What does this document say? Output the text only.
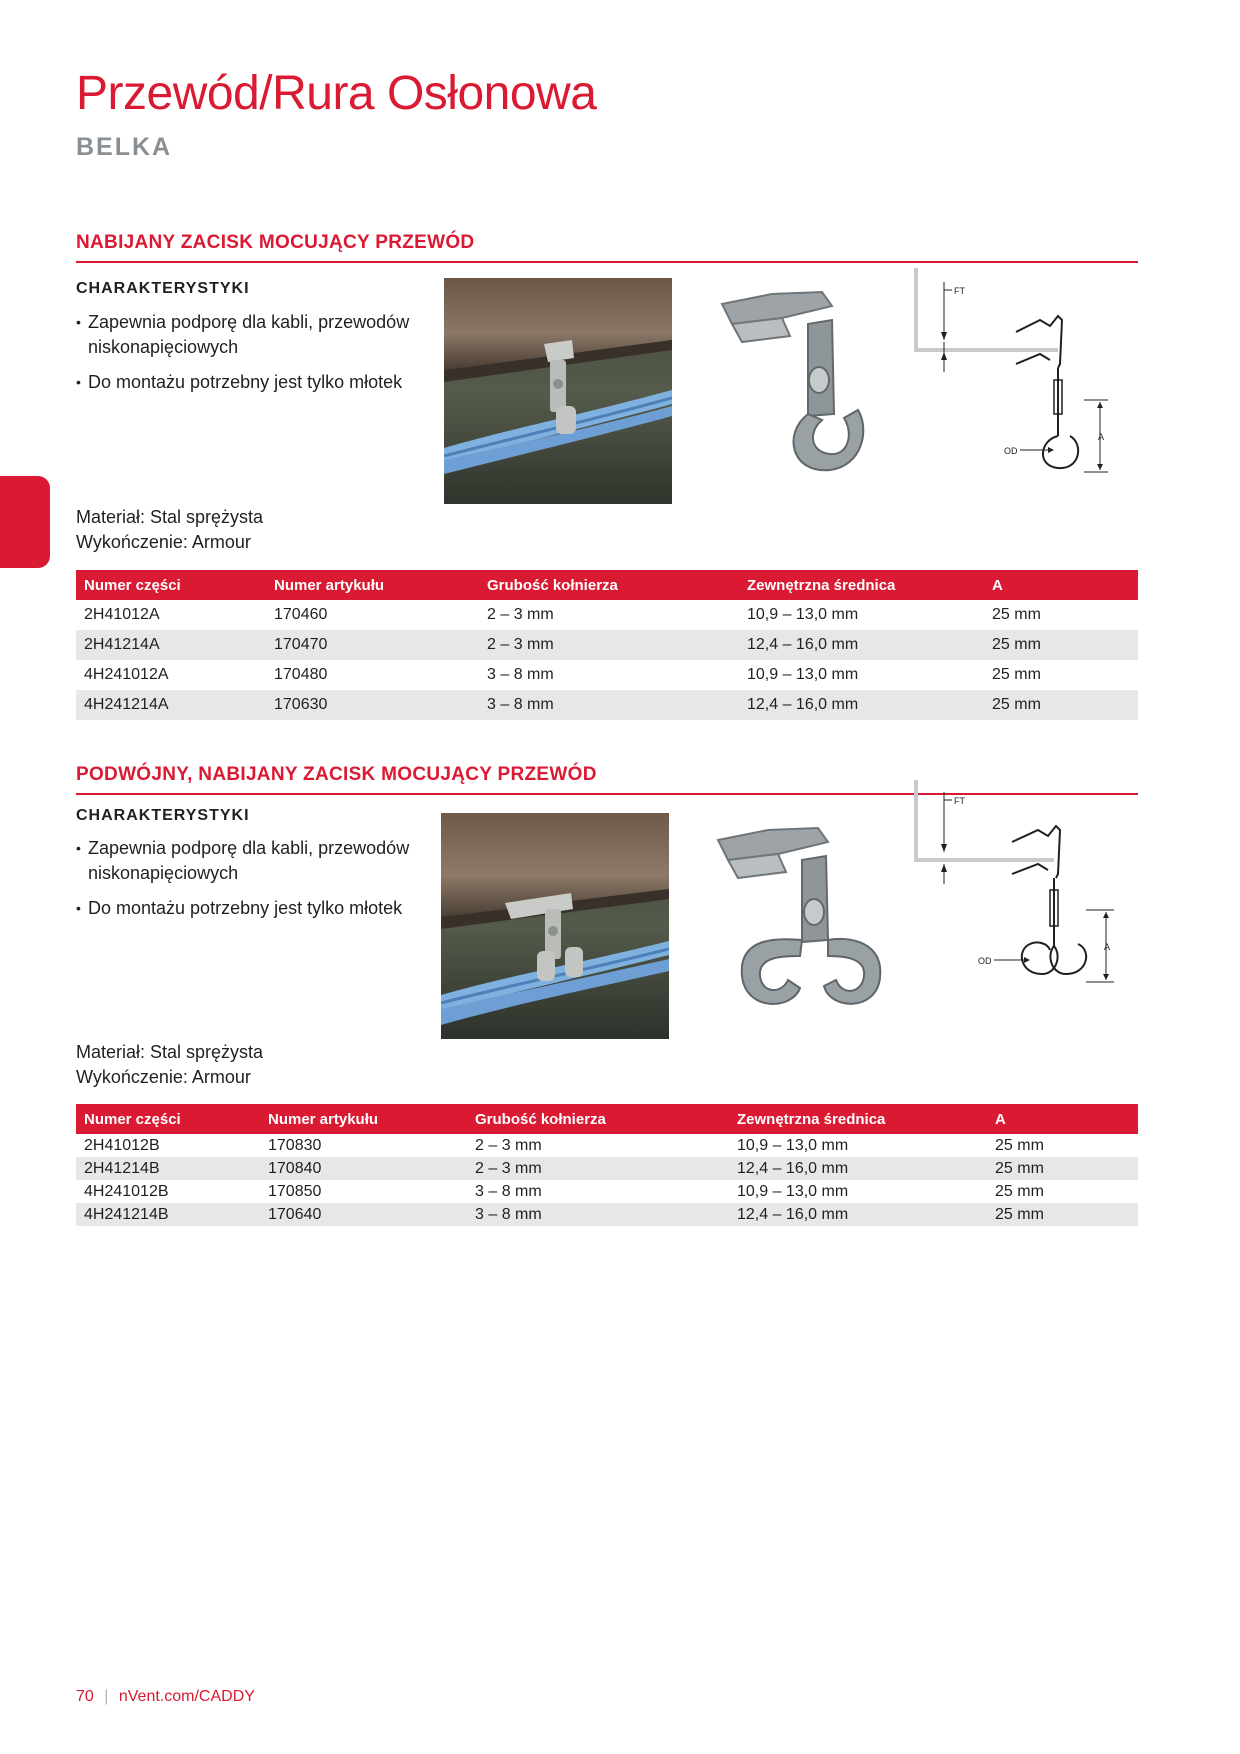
Przewód/Rura Osłonowa
BELKA
NABIJANY ZACISK MOCUJĄCY PRZEWÓD
CHARAKTERYSTYKI
• Zapewnia podporę dla kabli, przewodów niskonapięciowych
• Do montażu potrzebny jest tylko młotek
Materiał: Stal sprężysta
Wykończenie: Armour
FT
OD
A
Numer części	Numer artykułu	Grubość kołnierza	Zewnętrzna średnica	A
2H41012A	170460	2 – 3 mm	10,9 – 13,0 mm	25 mm
2H41214A	170470	2 – 3 mm	12,4 – 16,0 mm	25 mm
4H241012A	170480	3 – 8 mm	10,9 – 13,0 mm	25 mm
4H241214A	170630	3 – 8 mm	12,4 – 16,0 mm	25 mm
PODWÓJNY, NABIJANY ZACISK MOCUJĄCY PRZEWÓD
CHARAKTERYSTYKI
• Zapewnia podporę dla kabli, przewodów niskonapięciowych
• Do montażu potrzebny jest tylko młotek
Materiał: Stal sprężysta
Wykończenie: Armour
FT
OD
A
Numer części	Numer artykułu	Grubość kołnierza	Zewnętrzna średnica	A
2H41012B	170830	2 – 3 mm	10,9 – 13,0 mm	25 mm
2H41214B	170840	2 – 3 mm	12,4 – 16,0 mm	25 mm
4H241012B	170850	3 – 8 mm	10,9 – 13,0 mm	25 mm
4H241214B	170640	3 – 8 mm	12,4 – 16,0 mm	25 mm
70 | nVent.com/CADDY
